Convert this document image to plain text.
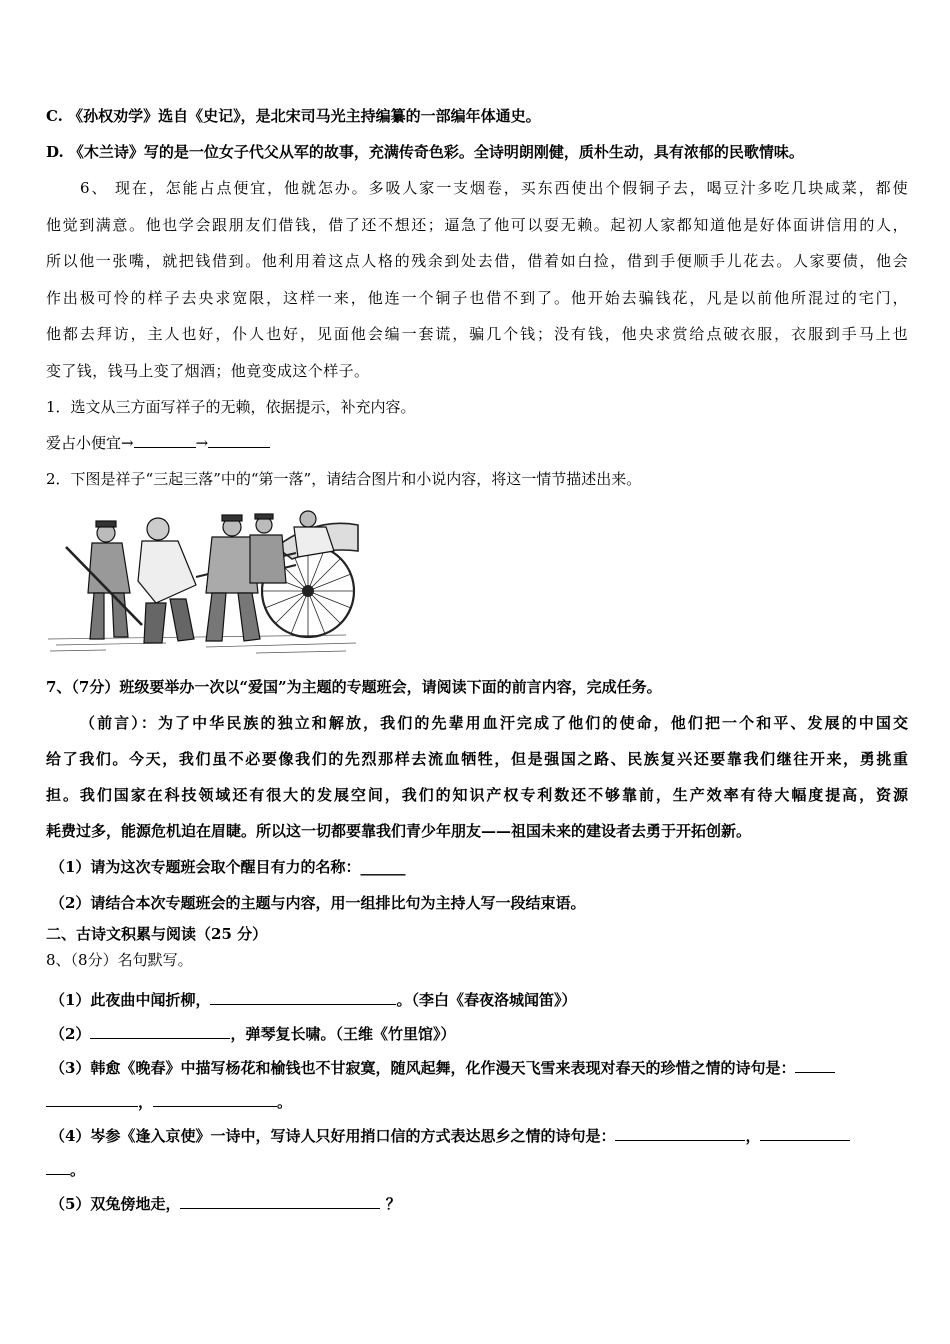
C. 《孙权劝学》选自《史记》，是北宋司马光主持编纂的一部编年体通史。

D. 《木兰诗》写的是一位女子代父从军的故事，充满传奇色彩。全诗明朗刚健，质朴生动，具有浓郁的民歌情味。

6、 现在，怎能占点便宜，他就怎办。多吸人家一支烟卷，买东西使出个假铜子去，喝豆汁多吃几块咸菜，都使

他觉到满意。他也学会跟朋友们借钱，借了还不想还；逼急了他可以耍无赖。起初人家都知道他是好体面讲信用的人，

所以他一张嘴，就把钱借到。他利用着这点人格的残余到处去借，借着如白捡，借到手便顺手儿花去。人家要债，他会

作出极可怜的样子去央求宽限，这样一来，他连一个铜子也借不到了。他开始去骗钱花，凡是以前他所混过的宅门，

他都去拜访，主人也好，仆人也好，见面他会编一套谎，骗几个钱；没有钱，他央求赏给点破衣服，衣服到手马上也

变了钱，钱马上变了烟酒；他竟变成这个样子。

1．选文从三方面写祥子的无赖，依据提示，补充内容。

爱占小便宜→	→

2．下图是祥子“三起三落”中的“第一落”，请结合图片和小说内容，将这一情节描述出来。

7、（7分）班级要举办一次以“爱国”为主题的专题班会，请阅读下面的前言内容，完成任务。

（前言）：为了中华民族的独立和解放，我们的先辈用血汗完成了他们的使命，他们把一个和平、发展的中国交

给了我们。今天，我们虽不必要像我们的先烈那样去流血牺牲，但是强国之路、民族复兴还要靠我们继往开来，勇挑重

担。我们国家在科技领域还有很大的发展空间，我们的知识产权专利数还不够靠前，生产效率有待大幅度提高，资源

耗费过多，能源危机迫在眉睫。所以这一切都要靠我们青少年朋友——祖国未来的建设者去勇于开拓创新。

（1）请为这次专题班会取个醒目有力的名称：______

（2）请结合本次专题班会的主题与内容，用一组排比句为主持人写一段结束语。

二、古诗文积累与阅读（25 分）

8、（8分）名句默写。

（1）此夜曲中闻折柳，	。（李白《春夜洛城闻笛》）

（2）	，弹琴复长啸。（王维《竹里馆》）

（3）韩愈《晚春》中描写杨花和榆钱也不甘寂寞，随风起舞，化作漫天飞雪来表现对春天的珍惜之情的诗句是：

，	。

（4）岑参《逢入京使》一诗中，写诗人只好用捎口信的方式表达思乡之情的诗句是：	，

。

（5）双兔傍地走，	？
